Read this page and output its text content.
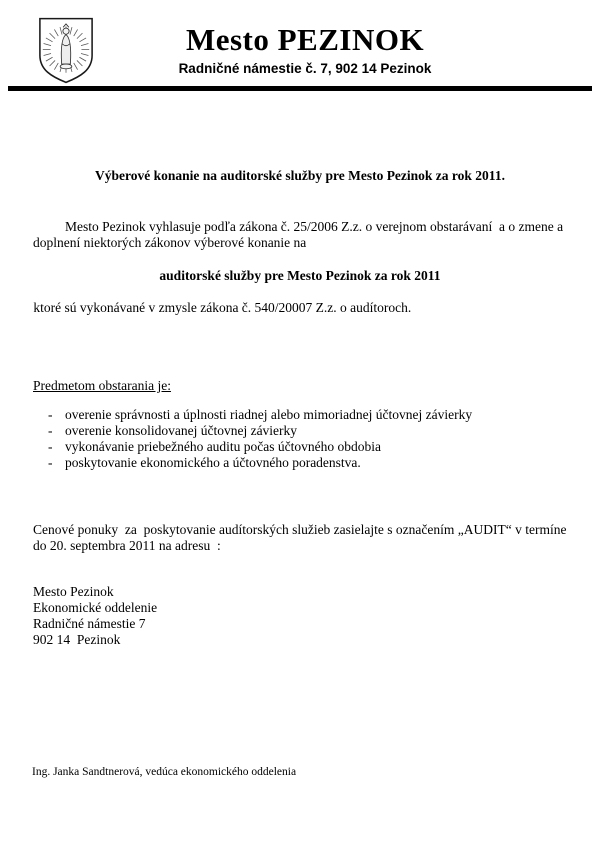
Mesto PEZINOK
Radničné námestie č. 7, 902 14 Pezinok
Výberové konanie na auditorské služby pre Mesto Pezinok za rok 2011.
Mesto Pezinok vyhlasuje podľa zákona č. 25/2006 Z.z. o verejnom obstarávaní  a o zmene a doplnení niektorých zákonov výberové konanie na
auditorské služby pre Mesto Pezinok za rok 2011
ktoré sú vykonávané v zmysle zákona č. 540/20007 Z.z. o audítoroch.
Predmetom obstarania je:
- overenie správnosti a úplnosti riadnej alebo mimoriadnej účtovnej závierky
- overenie konsolidovanej účtovnej závierky
- vykonávanie priebežného auditu počas účtovného obdobia
- poskytovanie ekonomického a účtovného poradenstva.
Cenové ponuky  za  poskytovanie audítorských služieb zasielajte s označením „AUDIT“ v termíne do 20. septembra 2011 na adresu  :
Mesto Pezinok
Ekonomické oddelenie
Radničné námestie 7
902 14  Pezinok
Ing. Janka Sandtnerová, vedúca ekonomického oddelenia
